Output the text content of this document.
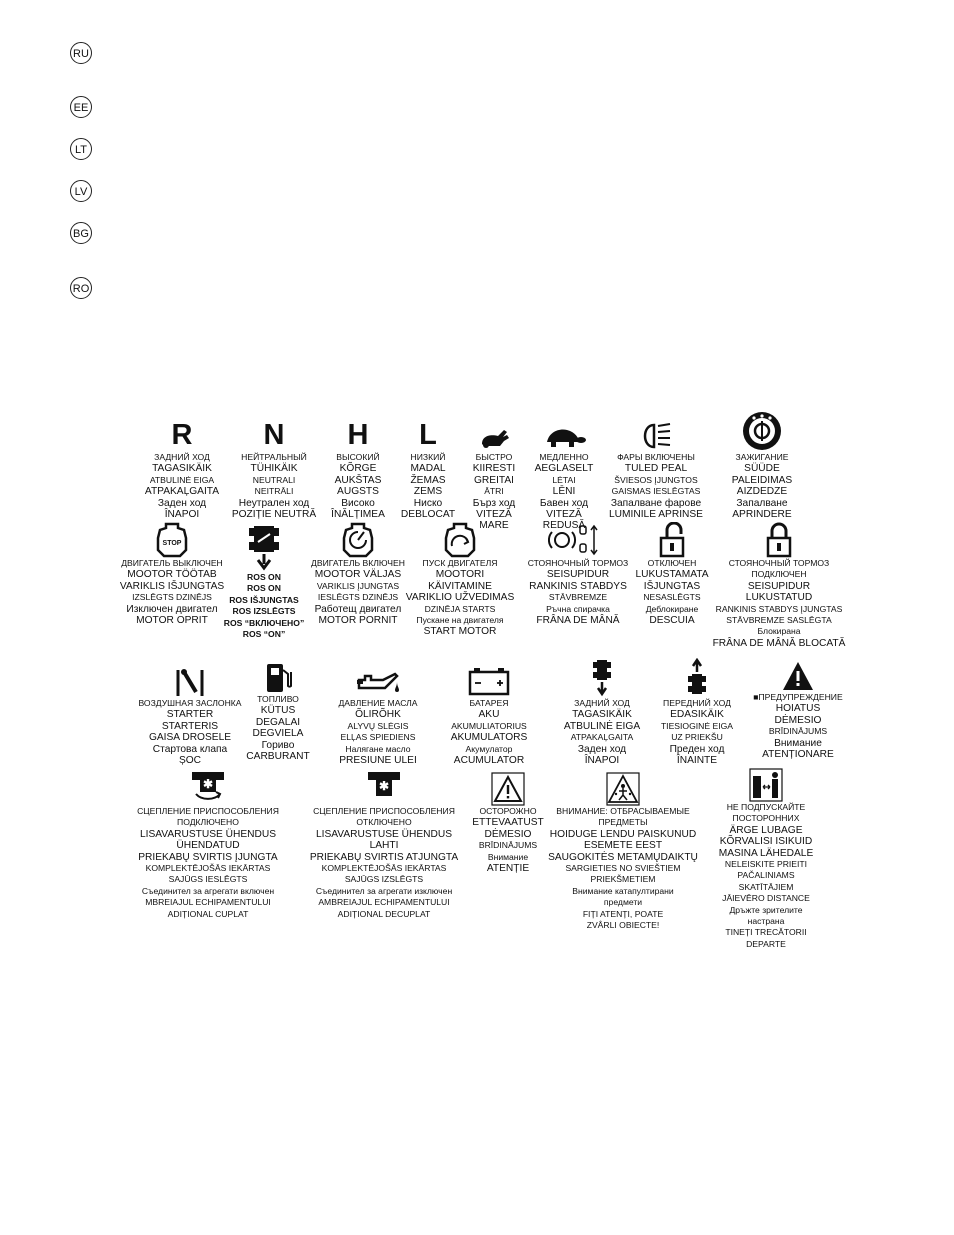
RU
EE
LT
LV
BG
RO
R
ЗАДНИЙ ХОД
TAGASIKÄIK
ATBULINĖ EIGA
ATPAKAĻGAITA
Заден ход
ÎNAPOI
N
НЕЙТРАЛЬНЫЙ
TÜHIKÄIK
NEUTRALI
NEITRĀLI
Неутрален ход
POZIȚIE NEUTRĂ
H
ВЫСОКИЙ
KÕRGE
AUKŠTAS
AUGSTS
Високо
ÎNĂLȚIMEA
L
НИЗКИЙ
MADAL
ŽEMAS
ZEMS
Ниско
DEBLOCAT
БЫСТРО
KIIRESTI
GREITAI
ĀTRI
Бърз ход
VITEZĂ
MARE
МЕДЛЕННО
AEGLASELT
LĖTAI
LĒNI
Бавен ход
VITEZĂ
REDUSĂ
ФАРЫ ВКЛЮЧЕНЫ
TULED PEAL
ŠVIESOS ĮJUNGTOS
GAISMAS IESLĒGTAS
Запалване фарове
LUMINILE APRINSE
ЗАЖИГАНИЕ
SÜÜDE
PALEIDIMAS
AIZDEDZE
Запалване
APRINDERE
STOP
ДВИГАТЕЛЬ ВЫКЛЮЧЕН
MOOTOR TÖÖTAB
VARIKLIS IŠJUNGTAS
IZSLĒGTS DZINĒJS
Изключен двигател
MOTOR OPRIT
ROS ON
ROS ON
ROS IŠJUNGTAS
ROS IZSLĒGTS
ROS “ВКЛЮЧЕНО”
ROS “ON”
ДВИГАТЕЛЬ ВКЛЮЧЕН
MOOTOR VÄLJAS
VARIKLIS ĮJUNGTAS
IESLĒGTS DZINĒJS
Работещ двигател
MOTOR PORNIT
ПУСК ДВИГАТЕЛЯ
MOOTORI
KÄIVITAMINE
VARIKLIO UŽVEDIMAS
DZINĒJA STARTS
Пускане на двигателя
START MOTOR
СТОЯНОЧНЫЙ ТОРМОЗ
SEISUPIDUR
RANKINIS STABDYS
STĀVBREMZE
Ръчна спирачка
FRÂNA DE MÂNĂ
ОТКЛЮЧЕН
LUKUSTAMATA
IŠJUNGTAS
NESASLĒGTS
Деблокиране
DESCUIA
СТОЯНОЧНЫЙ ТОРМОЗ
ПОДКЛЮЧЕН
SEISUPIDUR
LUKUSTATUD
RANKINIS STABDYS ĮJUNGTAS
STĀVBREMZE SASLĒGTA
Блокирана
FRÂNA DE MÂNĂ BLOCATĂ
ВОЗДУШНАЯ ЗАСЛОНКА
STARTER
STARTERIS
GAISA DROSELE
Стартова клапа
ȘOC
ТОПЛИВО
KÜTUS
DEGALAI
DEGVIELA
Гориво
CARBURANT
ДАВЛЕНИЕ МАСЛА
ÕLIRÕHK
ALYVŲ SLĖGIS
ELĻAS SPIEDIENS
Налягане масло
PRESIUNE ULEI
БАТАРЕЯ
AKU
AKUMULIATORIUS
AKUMULATORS
Акумулатор
ACUMULATOR
ЗАДНИЙ ХОД
TAGASIKÄIK
ATBULINĖ EIGA
ATPAKAĻGAITA
Заден ход
ÎNAPOI
ПЕРЕДНИЙ ХОД
EDASIKÄIK
TIESIOGINĖ EIGA
UZ PRIEKŠU
Преден ход
ÎNAINTE
■ПРЕДУПРЕЖДЕНИЕ
HOIATUS
DĖMESIO
BRĪDINĀJUMS
Внимание
ATENȚIONARE
✱
СЦЕПЛЕНИЕ ПРИСПОСОБЛЕНИЯ
ПОДКЛЮЧЕНО
LISAVARUSTUSE ÜHENDUS
ÜHENDATUD
PRIEKABŲ SVIRTIS ĮJUNGTA
KOMPLEKTĒJOŠĀS IEKĀRTAS
SAJŪGS IESLĒGTS
Съединител за агрегати включен
MBREIAJUL ECHIPAMENTULUI
ADIȚIONAL CUPLAT
✱
СЦЕПЛЕНИЕ ПРИСПОСОБЛЕНИЯ
ОТКЛЮЧЕНО
LISAVARUSTUSE ÜHENDUS
LAHTI
PRIEKABŲ SVIRTIS ATJUNGTA
KOMPLEKTĒJOŠĀS IEKĀRTAS
SAJŪGS IZSLĒGTS
Съединител за агрегати изключен
AMBREIAJUL ECHIPAMENTULUI
ADIȚIONAL DECUPLAT
ОСТОРОЖНО
ETTEVAATUST
DĖMESIO
BRĪDINĀJUMS
Внимание
ATENȚIE
ВНИМАНИЕ: ОТБРАСЫВАЕМЫЕ
ПРЕДМЕТЫ
HOIDUGE LENDU PAISKUNUD
ESEMETE EEST
SAUGOKITĖS METAMŲDAIKTŲ
SARGIETIES NO SVIEŠTIEM
PRIEKŠMETIEM
Внимание катапултирани
предмети
FIȚI ATENȚI, POATE
ZVÂRLI OBIECTE!
НЕ ПОДПУСКАЙТЕ
ПОСТОРОННИХ
ÄRGE LUBAGE
KÕRVALISI ISIKUID
MASINA LÄHEDALE
NELEISKITE PRIEITI
PAČALINIAMS
SKATĪTĀJIEM
JĀIEVĒRO DISTANCE
Дръжте зрителите
настрана
TINEȚI TRECĂTORII
DEPARTE
